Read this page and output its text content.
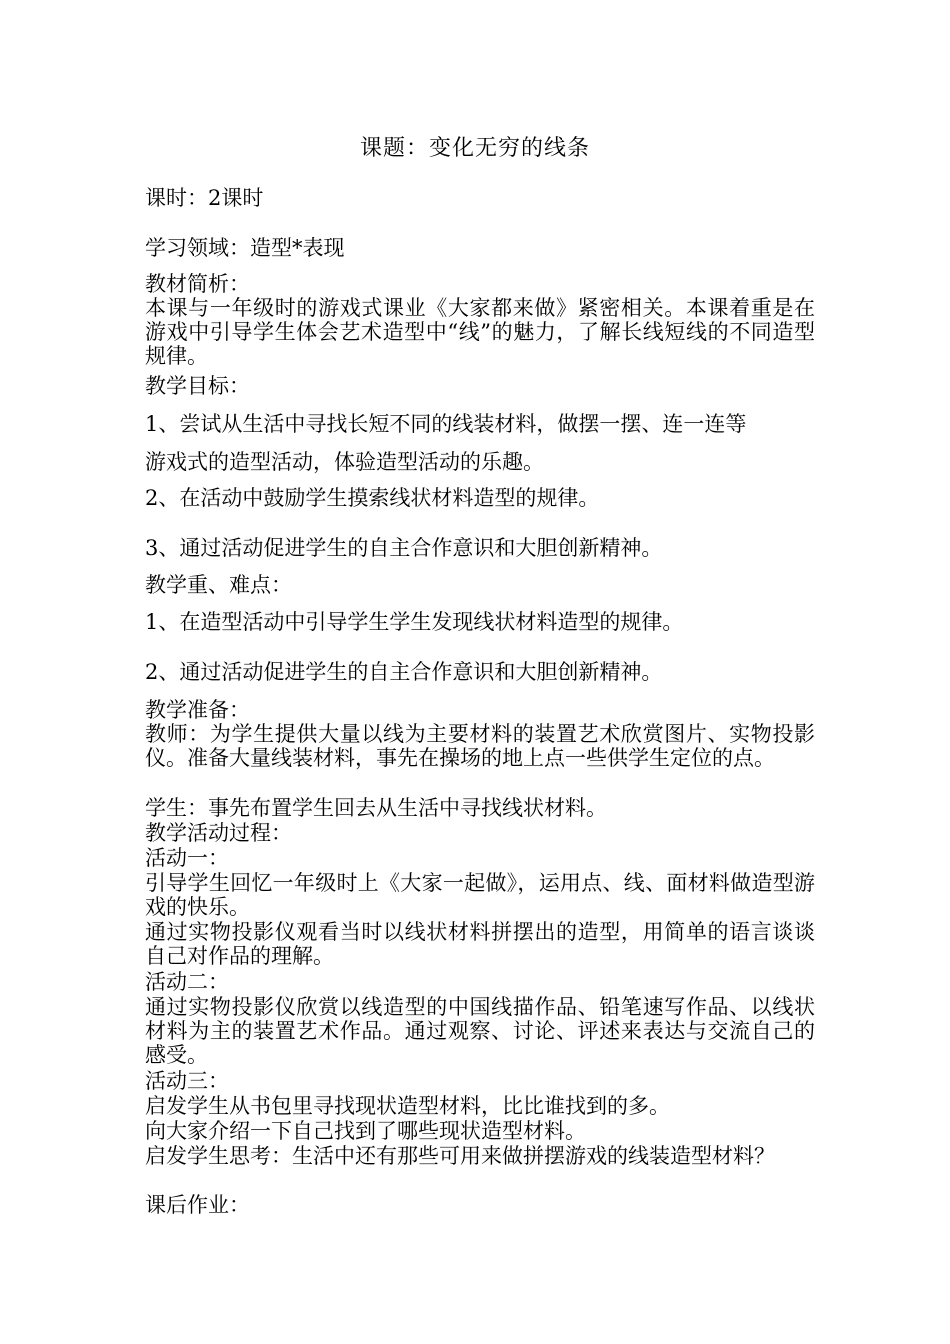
课题：变化无穷的线条
课时：2课时
学习领域：造型*表现
教材简析：
本课与一年级时的游戏式课业《大家都来做》紧密相关。本课着重是在游戏中引导学生体会艺术造型中“线”的魅力，了解长线短线的不同造型规律。
教学目标：
1、尝试从生活中寻找长短不同的线装材料，做摆一摆、连一连等
游戏式的造型活动，体验造型活动的乐趣。
2、在活动中鼓励学生摸索线状材料造型的规律。
3、通过活动促进学生的自主合作意识和大胆创新精神。
教学重、难点：
1、在造型活动中引导学生学生发现线状材料造型的规律。
2、通过活动促进学生的自主合作意识和大胆创新精神。
教学准备：
教师：为学生提供大量以线为主要材料的装置艺术欣赏图片、实物投影仪。准备大量线装材料，事先在操场的地上点一些供学生定位的点。
学生：事先布置学生回去从生活中寻找线状材料。
教学活动过程：
活动一：
引导学生回忆一年级时上《大家一起做》，运用点、线、面材料做造型游戏的快乐。
通过实物投影仪观看当时以线状材料拼摆出的造型，用简单的语言谈谈自己对作品的理解。
活动二：
通过实物投影仪欣赏以线造型的中国线描作品、铅笔速写作品、以线状材料为主的装置艺术作品。通过观察、讨论、评述来表达与交流自己的感受。
活动三：
启发学生从书包里寻找现状造型材料，比比谁找到的多。
向大家介绍一下自己找到了哪些现状造型材料。
启发学生思考：生活中还有那些可用来做拼摆游戏的线装造型材料？
课后作业：
